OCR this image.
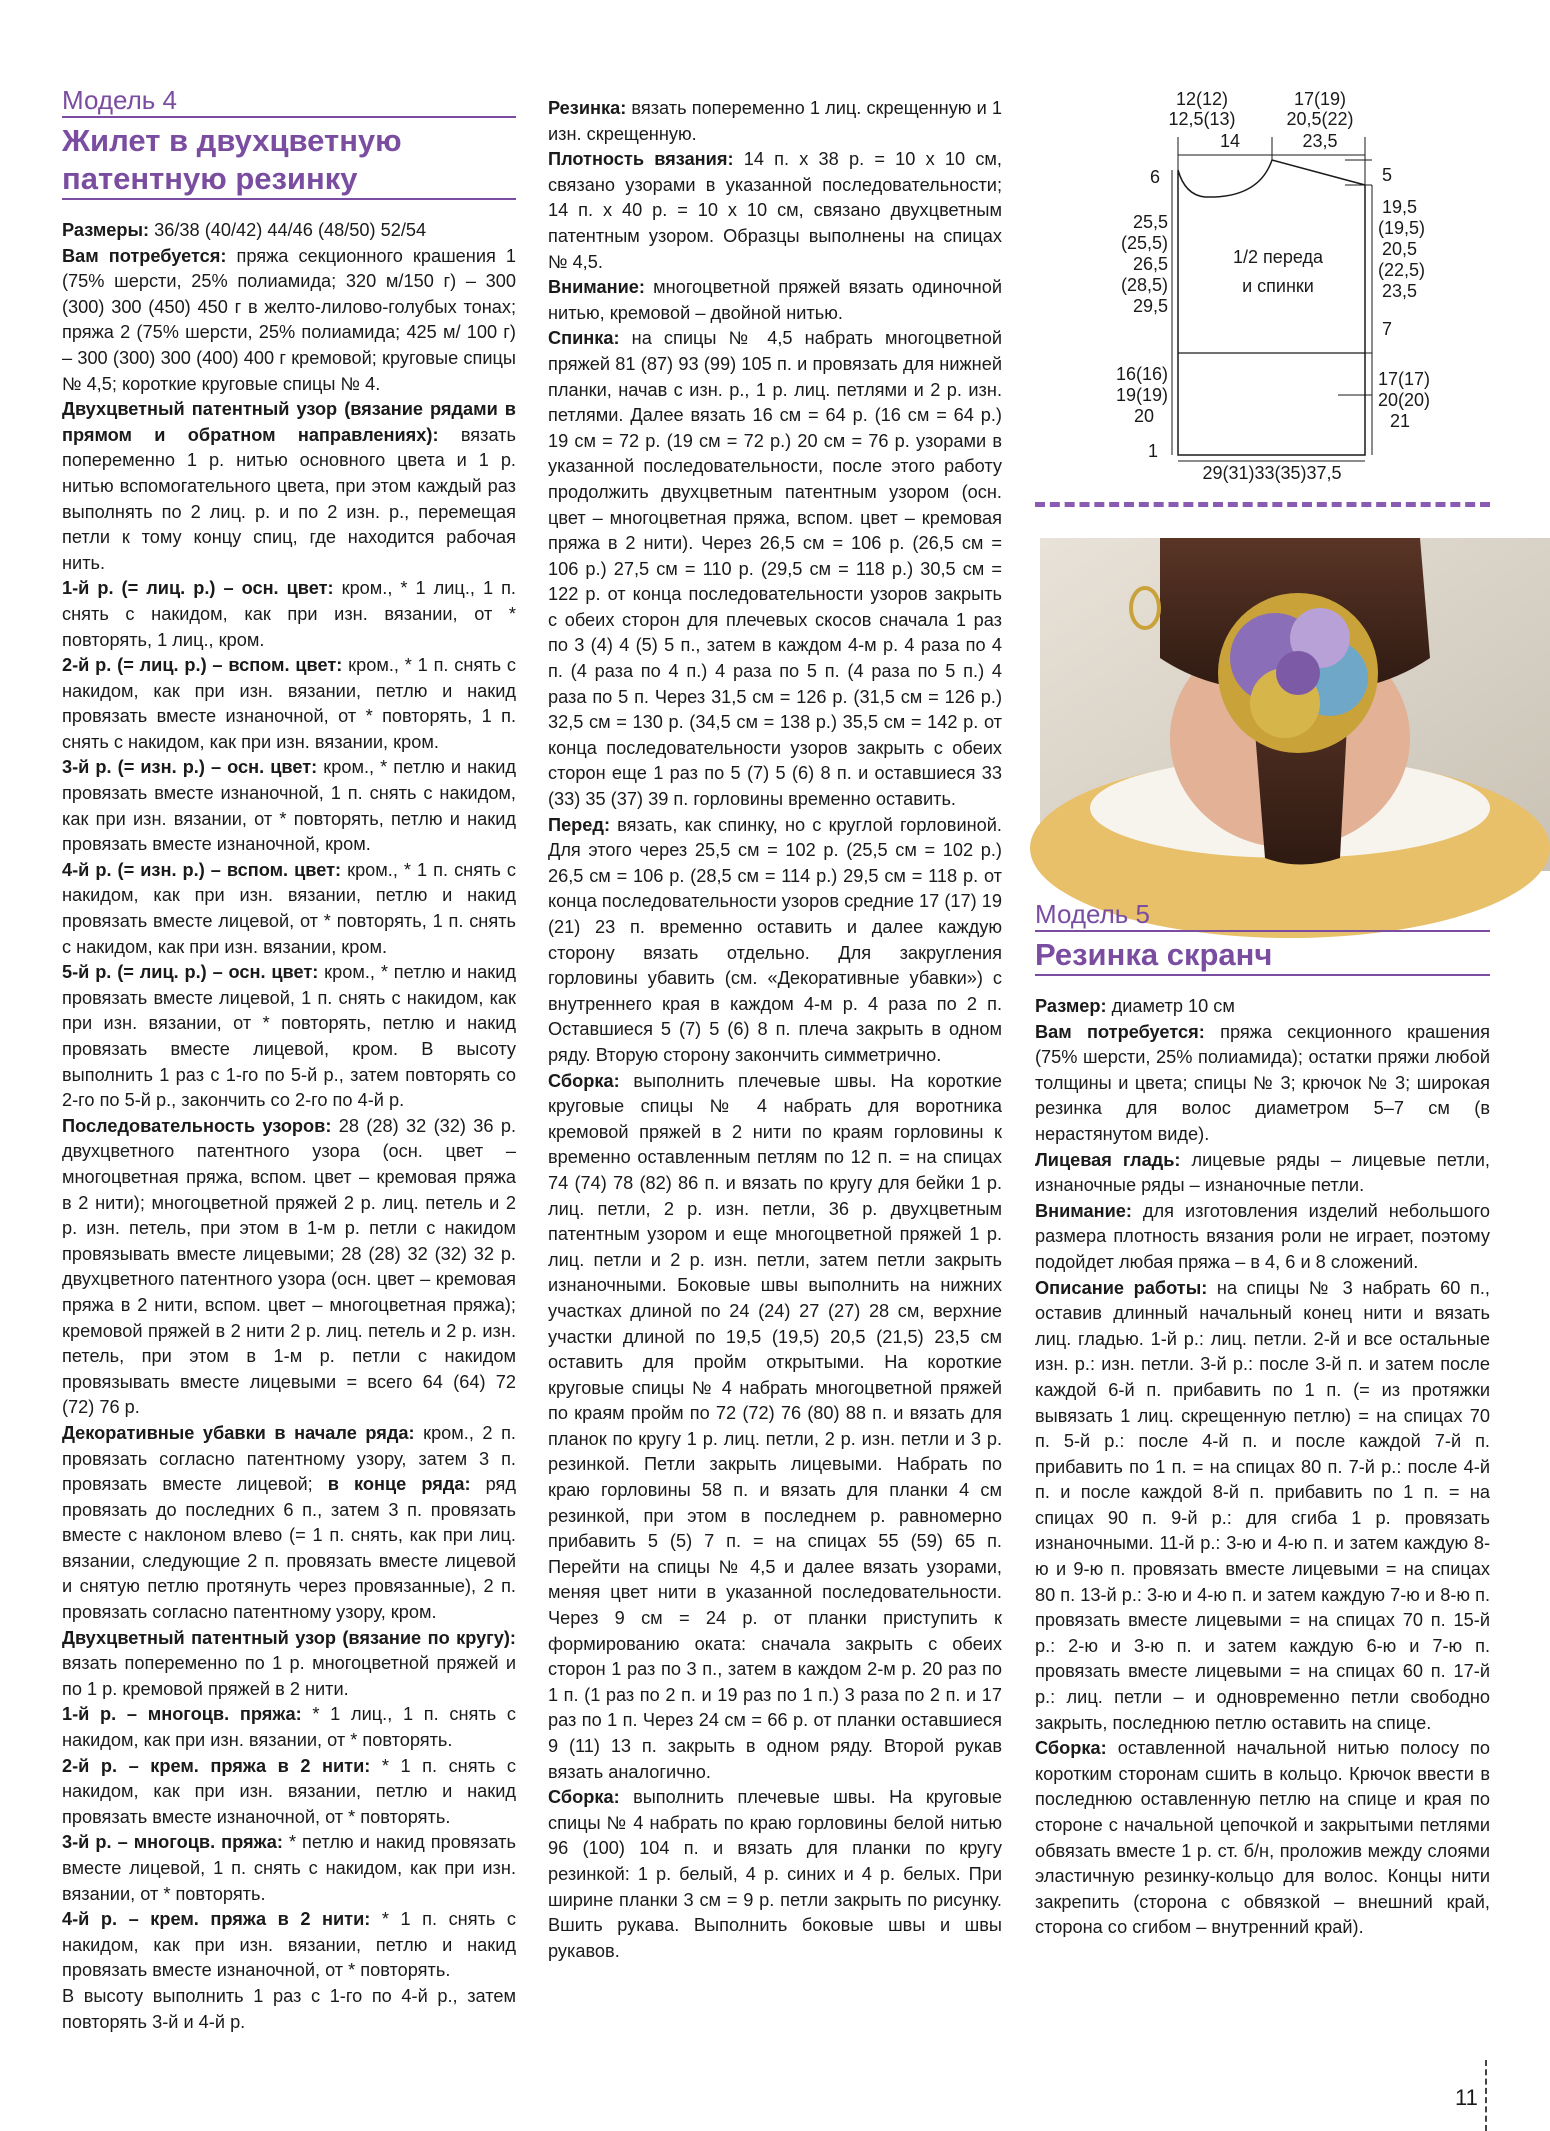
Модель 4

Жилет в двухцветную

патентную резинку

Размеры: 36/38 (40/42) 44/46 (48/50) 52/54

Вам потребуется: пряжа секционного крашения 1 (75% шерсти, 25% полиамида; 320 м/150 г) – 300 (300) 300 (450) 450 г в желто-лилово-голубых тонах; пряжа 2 (75% шерсти, 25% полиамида; 425 м/ 100 г) – 300 (300) 300 (400) 400 г кремовой; круговые спицы № 4,5; короткие круговые спицы № 4.

Двухцветный патентный узор (вязание рядами в прямом и обратном направлениях): вязать попеременно 1 р. нитью основного цвета и 1 р. нитью вспомогательного цвета, при этом каждый раз выполнять по 2 лиц. р. и по 2 изн. р., перемещая петли к тому концу спиц, где находится рабочая нить.

1-й р. (= лиц. р.) – осн. цвет: кром., * 1 лиц., 1 п. снять с накидом, как при изн. вязании, от * повторять, 1 лиц., кром.

2-й р. (= лиц. р.) – вспом. цвет: кром., * 1 п. снять с накидом, как при изн. вязании, петлю и накид провязать вместе изнаночной, от * повторять, 1 п. снять с накидом, как при изн. вязании, кром.

3-й р. (= изн. р.) – осн. цвет: кром., * петлю и накид провязать вместе изнаночной, 1 п. снять с накидом, как при изн. вязании, от * повторять, петлю и накид провязать вместе изнаночной, кром.

4-й р. (= изн. р.) – вспом. цвет: кром., * 1 п. снять с накидом, как при изн. вязании, петлю и накид провязать вместе лицевой, от * повторять, 1 п. снять с накидом, как при изн. вязании, кром.

5-й р. (= лиц. р.) – осн. цвет: кром., * петлю и накид провязать вместе лицевой, 1 п. снять с накидом, как при изн. вязании, от * повторять, петлю и накид провязать вместе лицевой, кром. В высоту выполнить 1 раз с 1-го по 5-й р., затем повторять со 2-го по 5-й р., закончить со 2-го по 4-й р.

Последовательность узоров: 28 (28) 32 (32) 36 р. двухцветного патентного узора (осн. цвет – многоцветная пряжа, вспом. цвет – кремовая пряжа в 2 нити); многоцветной пряжей 2 р. лиц. петель и 2 р. изн. петель, при этом в 1-м р. петли с накидом провязывать вместе лицевыми; 28 (28) 32 (32) 32 р. двухцветного патентного узора (осн. цвет – кремовая пряжа в 2 нити, вспом. цвет – многоцветная пряжа); кремовой пряжей в 2 нити 2 р. лиц. петель и 2 р. изн. петель, при этом в 1-м р. петли с накидом провязывать вместе лицевыми = всего 64 (64) 72 (72) 76 р.

Декоративные убавки в начале ряда: кром., 2 п. провязать согласно патентному узору, затем 3 п. провязать вместе лицевой; в конце ряда: ряд провязать до последних 6 п., затем 3 п. провязать вместе с наклоном влево (= 1 п. снять, как при лиц. вязании, следующие 2 п. провязать вместе лицевой и снятую петлю протянуть через провязанные), 2 п. провязать согласно патентному узору, кром.

Двухцветный патентный узор (вязание по кругу): вязать попеременно по 1 р. многоцветной пряжей и по 1 р. кремовой пряжей в 2 нити.

1-й р. – многоцв. пряжа: * 1 лиц., 1 п. снять с накидом, как при изн. вязании, от * повторять.

2-й р. – крем. пряжа в 2 нити: * 1 п. снять с накидом, как при изн. вязании, петлю и накид провязать вместе изнаночной, от * повторять.

3-й р. – многоцв. пряжа: * петлю и накид провязать вместе лицевой, 1 п. снять с накидом, как при изн. вязании, от * повторять.

4-й р. – крем. пряжа в 2 нити: * 1 п. снять с накидом, как при изн. вязании, петлю и накид провязать вместе изнаночной, от * повторять.

В высоту выполнить 1 раз с 1-го по 4-й р., затем повторять 3-й и 4-й р.

Резинка: вязать попеременно 1 лиц. скрещенную и 1 изн. скрещенную.

Плотность вязания: 14 п. х 38 р. = 10 х 10 см, связано узорами в указанной последовательности; 14 п. х 40 р. = 10 х 10 см, связано двухцветным патентным узором. Образцы выполнены на спицах № 4,5.

Внимание: многоцветной пряжей вязать одиночной нитью, кремовой – двойной нитью.

Спинка: на спицы № 4,5 набрать многоцветной пряжей 81 (87) 93 (99) 105 п. и провязать для нижней планки, начав с изн. р., 1 р. лиц. петлями и 2 р. изн. петлями. Далее вязать 16 см = 64 р. (16 см = 64 р.) 19 см = 72 р. (19 см = 72 р.) 20 см = 76 р. узорами в указанной последовательности, после этого работу продолжить двухцветным патентным узором (осн. цвет – многоцветная пряжа, вспом. цвет – кремовая пряжа в 2 нити). Через 26,5 см = 106 р. (26,5 см = 106 р.) 27,5 см = 110 р. (29,5 см = 118 р.) 30,5 см = 122 р. от конца последовательности узоров закрыть с обеих сторон для плечевых скосов сначала 1 раз по 3 (4) 4 (5) 5 п., затем в каждом 4-м р. 4 раза по 4 п. (4 раза по 4 п.) 4 раза по 5 п. (4 раза по 5 п.) 4 раза по 5 п. Через 31,5 см = 126 р. (31,5 см = 126 р.) 32,5 см = 130 р. (34,5 см = 138 р.) 35,5 см = 142 р. от конца последовательности узоров закрыть с обеих сторон еще 1 раз по 5 (7) 5 (6) 8 п. и оставшиеся 33 (33) 35 (37) 39 п. горловины временно оставить.

Перед: вязать, как спинку, но с круглой горловиной. Для этого через 25,5 см = 102 р. (25,5 см = 102 р.) 26,5 см = 106 р. (28,5 см = 114 р.) 29,5 см = 118 р. от конца последовательности узоров средние 17 (17) 19 (21) 23 п. временно оставить и далее каждую сторону вязать отдельно. Для закругления горловины убавить (см. «Декоративные убавки») с внутреннего края в каждом 4-м р. 4 раза по 2 п. Оставшиеся 5 (7) 5 (6) 8 п. плеча закрыть в одном ряду. Вторую сторону закончить симметрично.

Сборка: выполнить плечевые швы. На короткие круговые спицы № 4 набрать для воротника кремовой пряжей в 2 нити по краям горловины к временно оставленным петлям по 12 п. = на спицах 74 (74) 78 (82) 86 п. и вязать по кругу для бейки 1 р. лиц. петли, 2 р. изн. петли, 36 р. двухцветным патентным узором и еще многоцветной пряжей 1 р. лиц. петли и 2 р. изн. петли, затем петли закрыть изнаночными. Боковые швы выполнить на нижних участках длиной по 24 (24) 27 (27) 28 см, верхние участки длиной по 19,5 (19,5) 20,5 (21,5) 23,5 см оставить для пройм открытыми. На короткие круговые спицы № 4 набрать многоцветной пряжей по краям пройм по 72 (72) 76 (80) 88 п. и вязать для планок по кругу 1 р. лиц. петли, 2 р. изн. петли и 3 р. резинкой. Петли закрыть лицевыми. Набрать по краю горловины 58 п. и вязать для планки 4 см резинкой, при этом в последнем р. равномерно прибавить 5 (5) 7 п. = на спицах 55 (59) 65 п. Перейти на спицы № 4,5 и далее вязать узорами, меняя цвет нити в указанной последовательности. Через 9 см = 24 р. от планки приступить к формированию оката: сначала закрыть с обеих сторон 1 раз по 3 п., затем в каждом 2-м р. 20 раз по 1 п. (1 раз по 2 п. и 19 раз по 1 п.) 3 раза по 2 п. и 17 раз по 1 п. Через 24 см = 66 р. от планки оставшиеся 9 (11) 13 п. закрыть в одном ряду. Второй рукав вязать аналогично.

Сборка: выполнить плечевые швы. На круговые спицы № 4 набрать по краю горловины белой нитью 96 (100) 104 п. и вязать для планки по кругу резинкой: 1 р. белый, 4 р. синих и 4 р. белых. При ширине планки 3 см = 9 р. петли закрыть по рисунку. Вшить рукава. Выполнить боковые швы и швы рукавов.

12(12)
12,5(13)
14
17(19)
20,5(22)
23,5
6	5
25,5
(25,5)
26,5
(28,5)
29,5
19,5
(19,5)
20,5
(22,5)
23,5
1/2 переда
и спинки
7
16(16)
19(19)
20
17(17)
20(20)
21
1
29(31)33(35)37,5

Модель 5

Резинка скранч

Размер: диаметр 10 см

Вам потребуется: пряжа секционного крашения (75% шерсти, 25% полиамида); остатки пряжи любой толщины и цвета; спицы № 3; крючок № 3; широкая резинка для волос диаметром 5–7 см (в нерастянутом виде).

Лицевая гладь: лицевые ряды – лицевые петли, изнаночные ряды – изнаночные петли.

Внимание: для изготовления изделий небольшого размера плотность вязания роли не играет, поэтому подойдет любая пряжа – в 4, 6 и 8 сложений.

Описание работы: на спицы № 3 набрать 60 п., оставив длинный начальный конец нити и вязать лиц. гладью. 1-й р.: лиц. петли. 2-й и все остальные изн. р.: изн. петли. 3-й р.: после 3-й п. и затем после каждой 6-й п. прибавить по 1 п. (= из протяжки вывязать 1 лиц. скрещенную петлю) = на спицах 70 п. 5-й р.: после 4-й п. и после каждой 7-й п. прибавить по 1 п. = на спицах 80 п. 7-й р.: после 4-й п. и после каждой 8-й п. прибавить по 1 п. = на спицах 90 п. 9-й р.: для сгиба 1 р. провязать изнаночными. 11-й р.: 3-ю и 4-ю п. и затем каждую 8-ю и 9-ю п. провязать вместе лицевыми = на спицах 80 п. 13-й р.: 3-ю и 4-ю п. и затем каждую 7-ю и 8-ю п. провязать вместе лицевыми = на спицах 70 п. 15-й р.: 2-ю и 3-ю п. и затем каждую 6-ю и 7-ю п. провязать вместе лицевыми = на спицах 60 п. 17-й р.: лиц. петли – и одновременно петли свободно закрыть, последнюю петлю оставить на спице.

Сборка: оставленной начальной нитью полосу по коротким сторонам сшить в кольцо. Крючок ввести в последнюю оставленную петлю на спице и края по стороне с начальной цепочкой и закрытыми петлями обвязать вместе 1 р. ст. б/н, проложив между слоями эластичную резинку-кольцо для волос. Концы нити закрепить (сторона с обвязкой – внешний край, сторона со сгибом – внутренний край).

11
